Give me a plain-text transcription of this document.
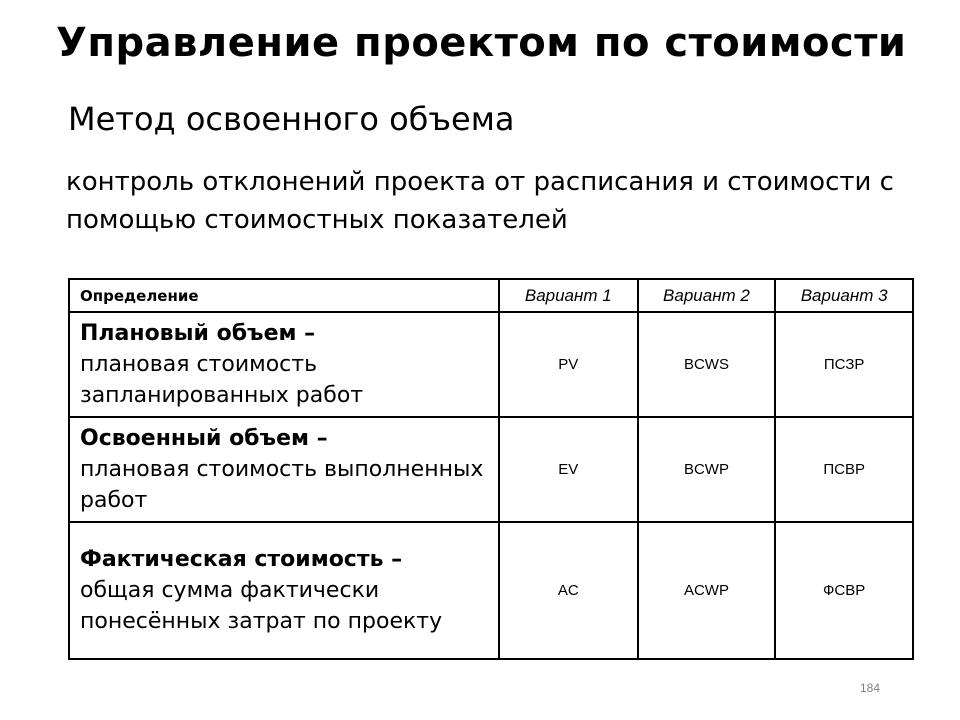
Управление проектом по стоимости
Метод освоенного объема
контроль отклонений проекта от расписания и стоимости с помощью стоимостных показателей
Определение	Вариант 1	Вариант 2	Вариант 3
Плановый объем –
плановая стоимость запланированных работ	PV	BCWS	ПСЗР
Освоенный объем –
плановая стоимость выполненных работ	EV	BCWP	ПСВР
Фактическая стоимость –
общая сумма фактически понесённых затрат по проекту	AC	ACWP	ФСВР
184
